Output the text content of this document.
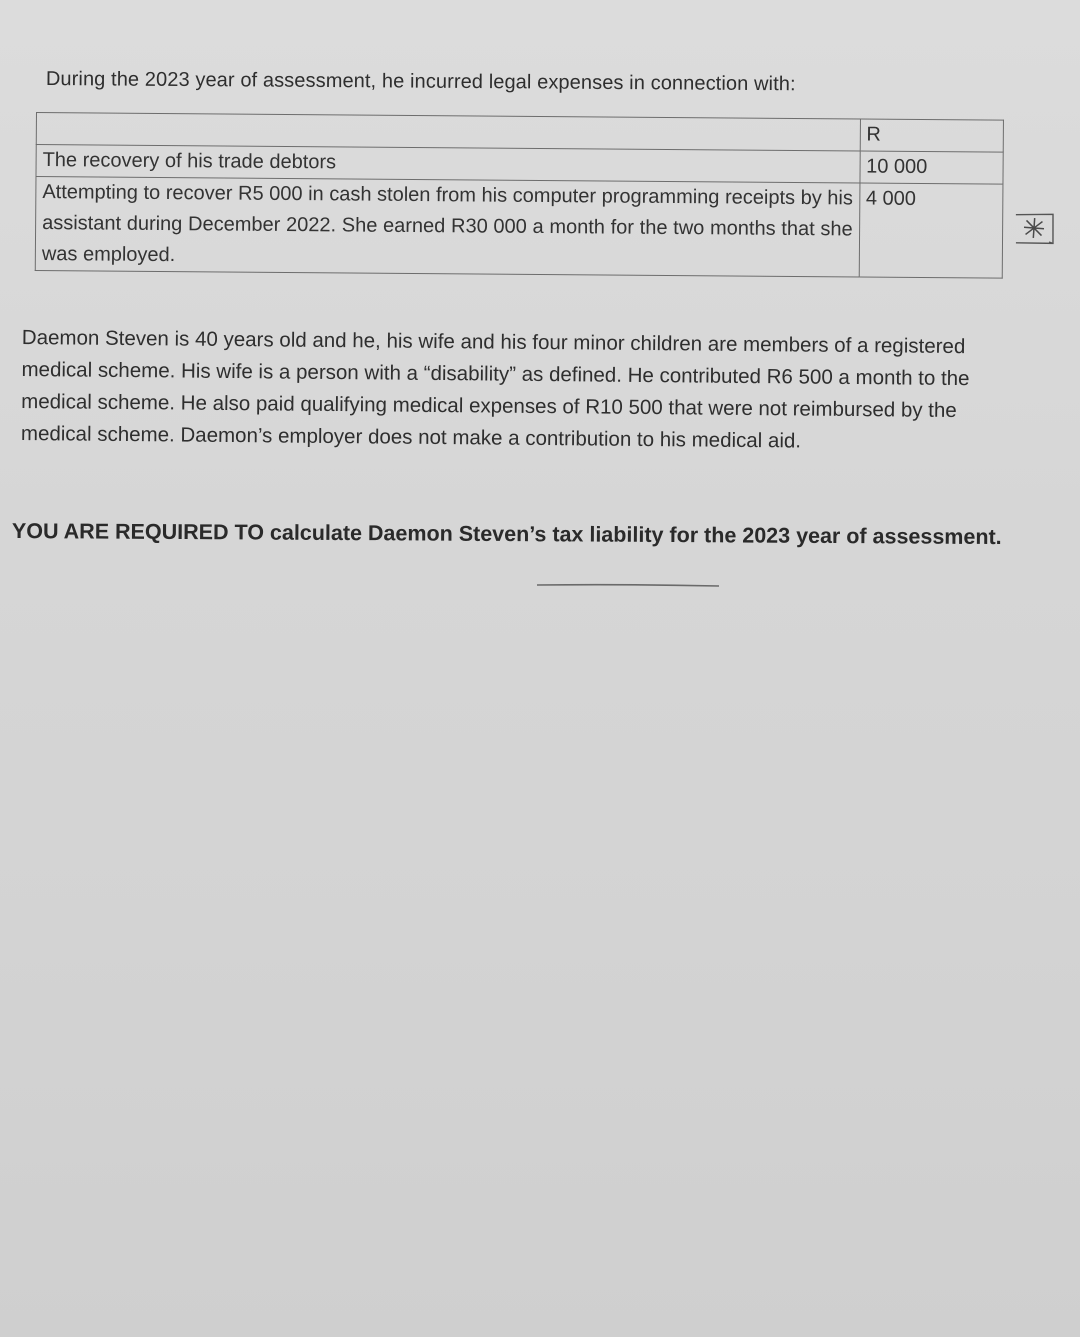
During the 2023 year of assessment, he incurred legal expenses in connection with:
	R
The recovery of his trade debtors	10 000
Attempting to recover R5 000 in cash stolen from his computer programming receipts by his assistant during December 2022. She earned R30 000 a month for the two months that she was employed.	4 000
Daemon Steven is 40 years old and he, his wife and his four minor children are members of a registered medical scheme. His wife is a person with a “disability” as defined. He contributed R6 500 a month to the medical scheme. He also paid qualifying medical expenses of R10 500 that were not reimbursed by the medical scheme. Daemon’s employer does not make a contribution to his medical aid.
YOU ARE REQUIRED TO calculate Daemon Steven’s tax liability for the 2023 year of assessment.
